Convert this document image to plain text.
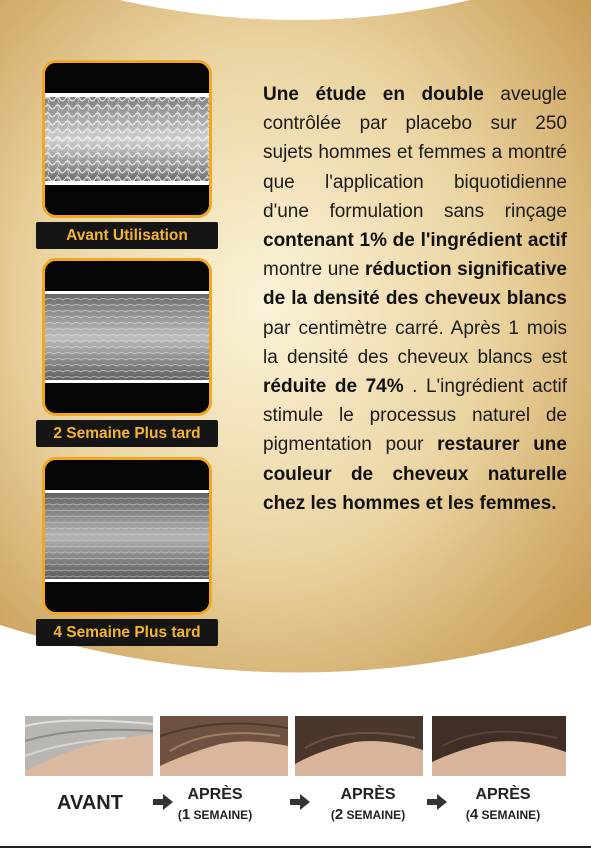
Avant Utilisation
2 Semaine Plus tard
4 Semaine Plus tard
Une étude en double aveugle contrôlée par placebo sur 250 sujets hommes et femmes a montré que l'application biquotidienne d'une formulation sans rinçage contenant 1% de l'ingrédient actif montre une réduction significative de la densité des cheveux blancs par centimètre carré. Après 1 mois la densité des cheveux blancs est réduite de 74% . L'ingrédient actif stimule le processus naturel de pigmentation pour restaurer une couleur de cheveux naturelle chez les hommes et les femmes.
AVANT	APRÈS
(1 SEMAINE)
APRÈS
(2 SEMAINE)
APRÈS
(4 SEMAINE)
